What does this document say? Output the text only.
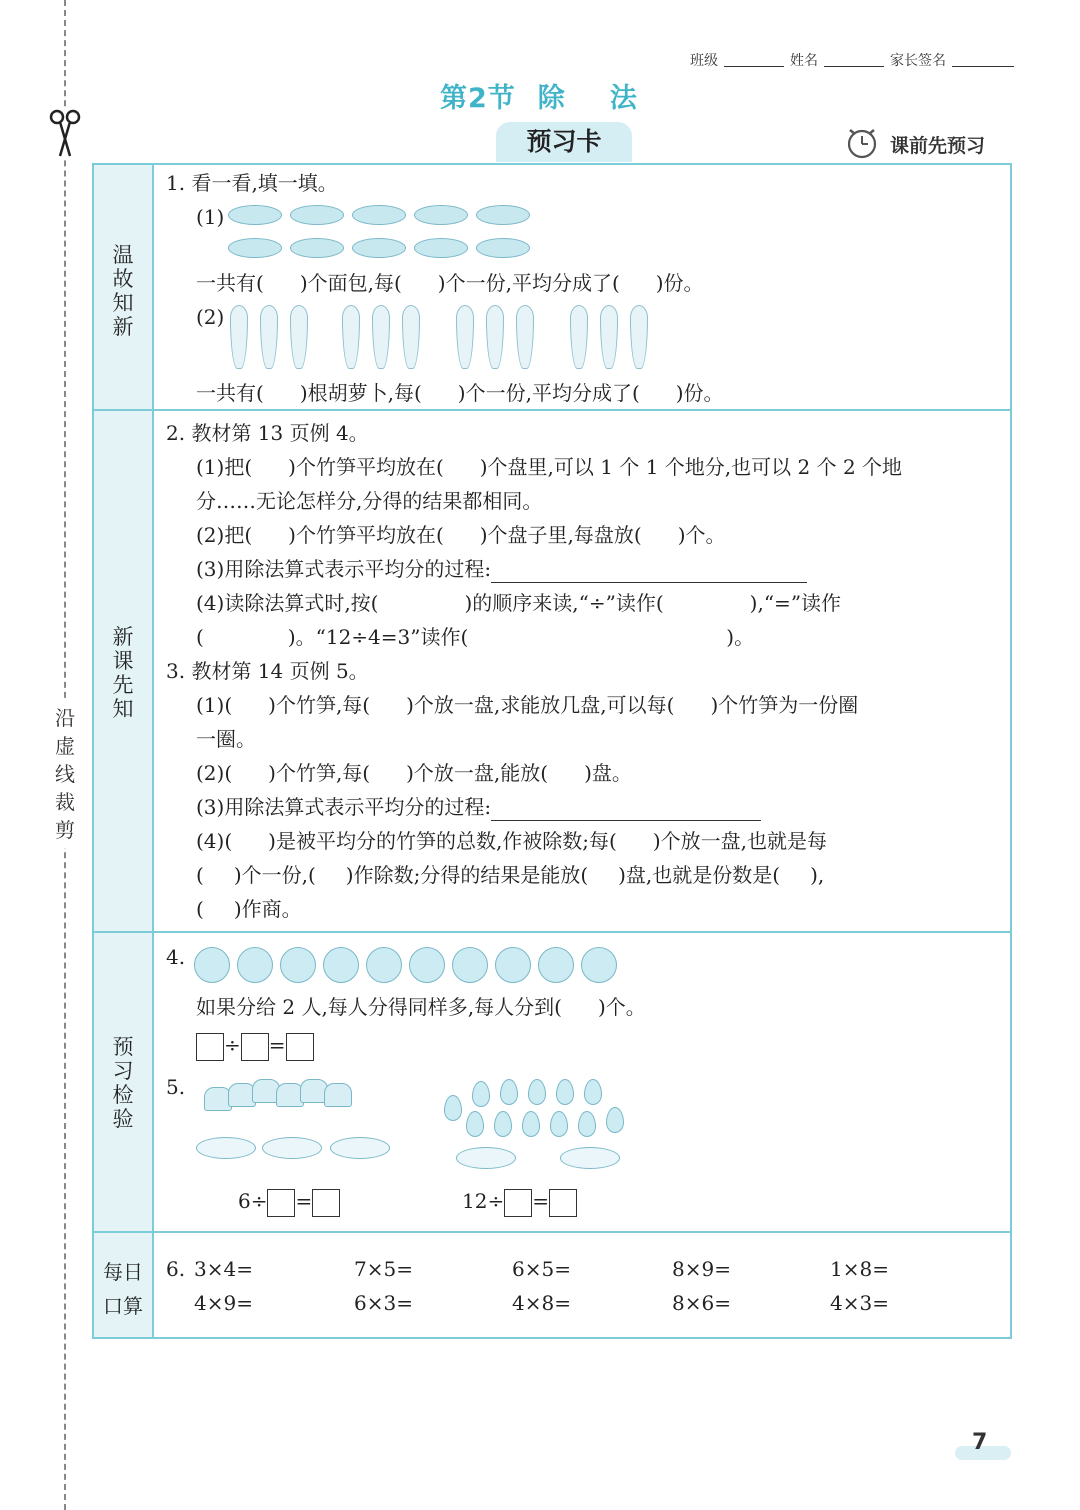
沿
虚
线
裁
剪
班级	姓名	家长签名
第2节 除 法
预习卡	课前先预习
温故知新
新课先知
预习检验
每日
口算
1. 看一看,填一填。
(1)
一共有( )个面包,每( )个一份,平均分成了( )份。
(2)
一共有( )根胡萝卜,每( )个一份,平均分成了( )份。
2. 教材第 13 页例 4。
(1)把( )个竹笋平均放在( )个盘里,可以 1 个 1 个地分,也可以 2 个 2 个地
分……无论怎样分,分得的结果都相同。
(2)把( )个竹笋平均放在( )个盘子里,每盘放( )个。
(3)用除法算式表示平均分的过程:
(4)读除法算式时,按(	)的顺序来读,“÷”读作(	),“=”读作
(	)。“12÷4=3”读作(	)。
3. 教材第 14 页例 5。
(1)( )个竹笋,每( )个放一盘,求能放几盘,可以每( )个竹笋为一份圈
一圈。
(2)( )个竹笋,每( )个放一盘,能放( )盘。
(3)用除法算式表示平均分的过程:
(4)( )是被平均分的竹笋的总数,作被除数;每( )个放一盘,也就是每
( )个一份,( )作除数;分得的结果是能放( )盘,也就是份数是( ),
( )作商。
4.
如果分给 2 人,每人分得同样多,每人分到( )个。
÷ =
5.
6÷ =	12÷ =
6. 3×4=	7×5=	6×5=	8×9=	1×8=
4×9=	6×3=	4×8=	8×6=	4×3=
7
